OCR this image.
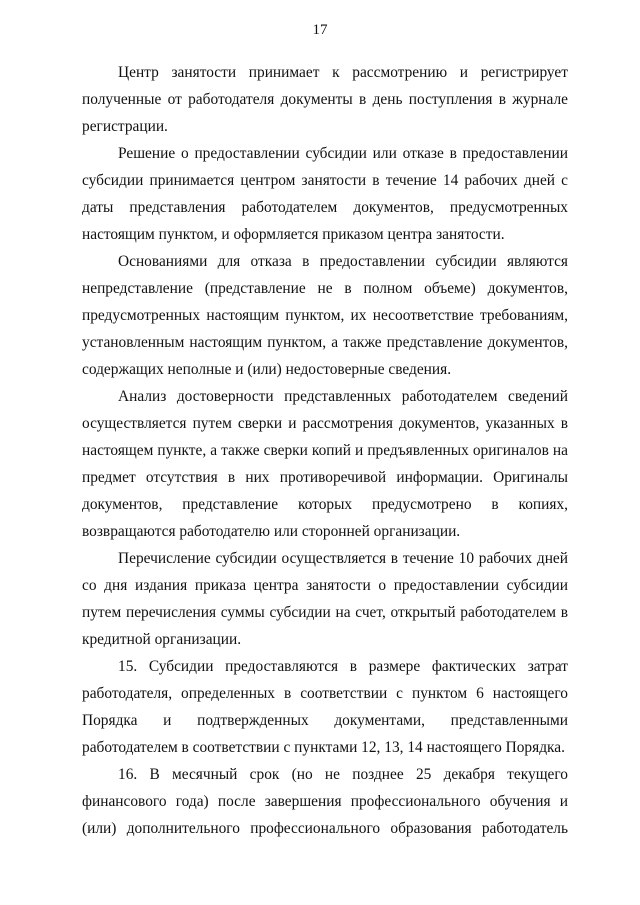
17

Центр занятости принимает к рассмотрению и регистрирует полученные от работодателя документы в день поступления в журнале регистрации.

Решение о предоставлении субсидии или отказе в предоставлении субсидии принимается центром занятости в течение 14 рабочих дней с даты представления работодателем документов, предусмотренных настоящим пунктом, и оформляется приказом центра занятости.

Основаниями для отказа в предоставлении субсидии являются непредставление (представление не в полном объеме) документов, предусмотренных настоящим пунктом, их несоответствие требованиям, установленным настоящим пунктом, а также представление документов, содержащих неполные и (или) недостоверные сведения.

Анализ достоверности представленных работодателем сведений осуществляется путем сверки и рассмотрения документов, указанных в настоящем пункте, а также сверки копий и предъявленных оригиналов на предмет отсутствия в них противоречивой информации. Оригиналы документов, представление которых предусмотрено в копиях, возвращаются работодателю или сторонней организации.

Перечисление субсидии осуществляется в течение 10 рабочих дней со дня издания приказа центра занятости о предоставлении субсидии путем перечисления суммы субсидии на счет, открытый работодателем в кредитной организации.

15. Субсидии предоставляются в размере фактических затрат работодателя, определенных в соответствии с пунктом 6 настоящего Порядка и подтвержденных документами, представленными работодателем в соответствии с пунктами 12, 13, 14 настоящего Порядка.

16. В месячный срок (но не позднее 25 декабря текущего финансового года) после завершения профессионального обучения и (или) дополнительного профессионального образования работодатель
